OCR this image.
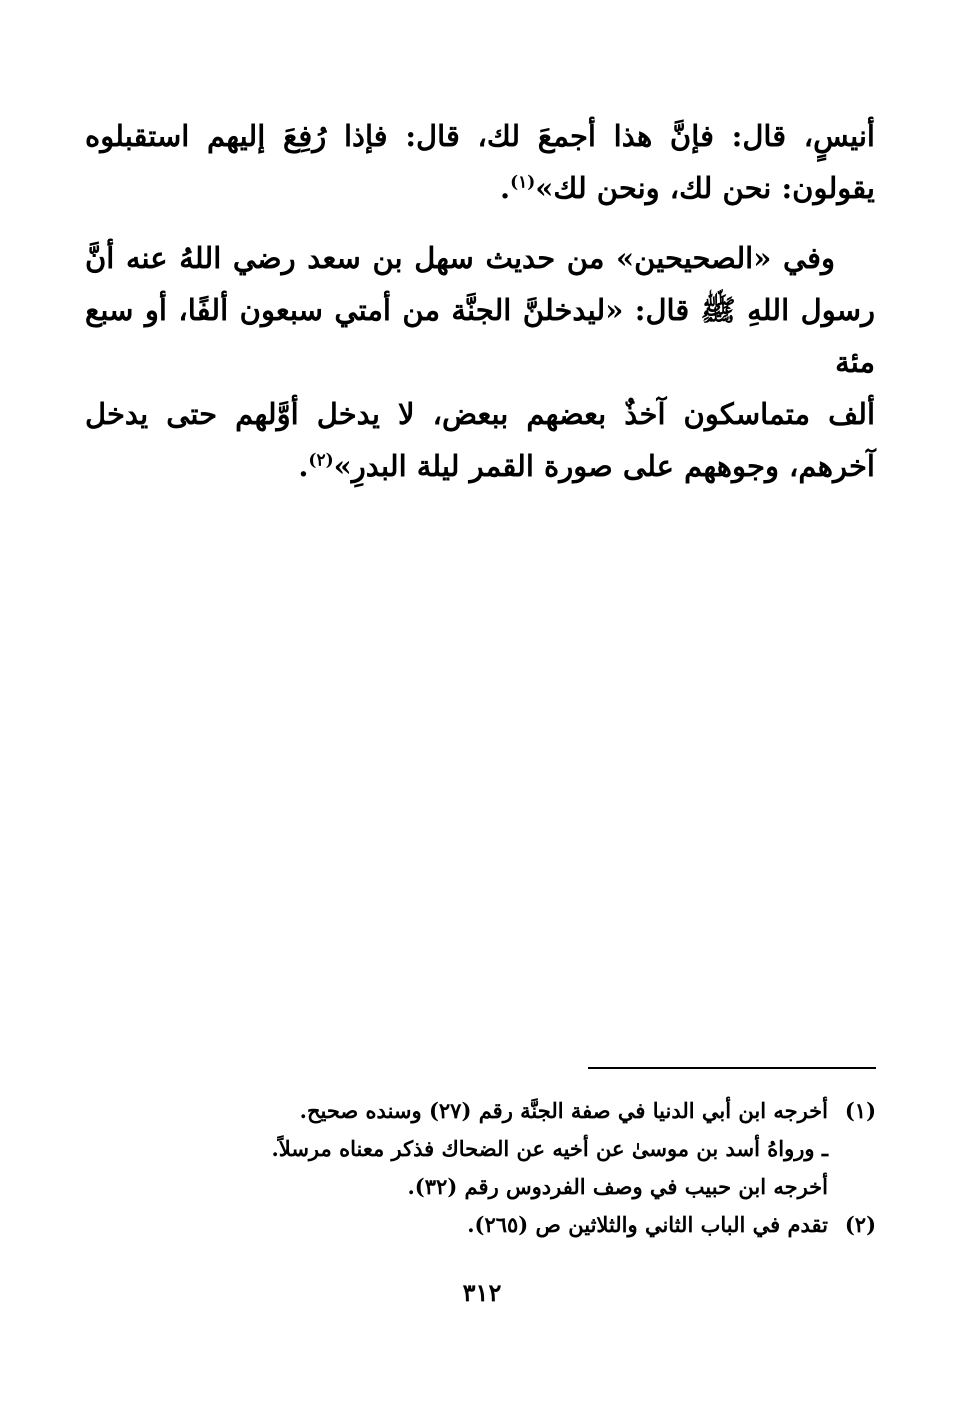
أنيسٍ، قال: فإنَّ هذا أجمعَ لك، قال: فإذا رُفِعَ إليهم استقبلوه
يقولون: نحن لك، ونحن لك»$^{(١)}$.
وفي «الصحيحين» من حديث سهل بن سعد رضي اللهُ عنه أنَّ
رسول اللهِ ﷺ قال: «ليدخلنَّ الجنَّة من أمتي سبعون ألفًا، أو سبع مئة
ألف متماسكون آخذٌ بعضهم ببعض، لا يدخل أوَّلهم حتى يدخل
آخرهم، وجوههم على صورة القمر ليلة البدرِ»$^{(٢)}$.
(١)أخرجه ابن أبي الدنيا في صفة الجنَّة رقم (٢٧) وسنده صحيح.
ـ ورواهُ أسد بن موسىٰ عن أخيه عن الضحاك فذكر معناه مرسلاً.
أخرجه ابن حبيب في وصف الفردوس رقم (٣٢).
(٢)تقدم في الباب الثاني والثلاثين ص (٢٦٥).
٣١٢
